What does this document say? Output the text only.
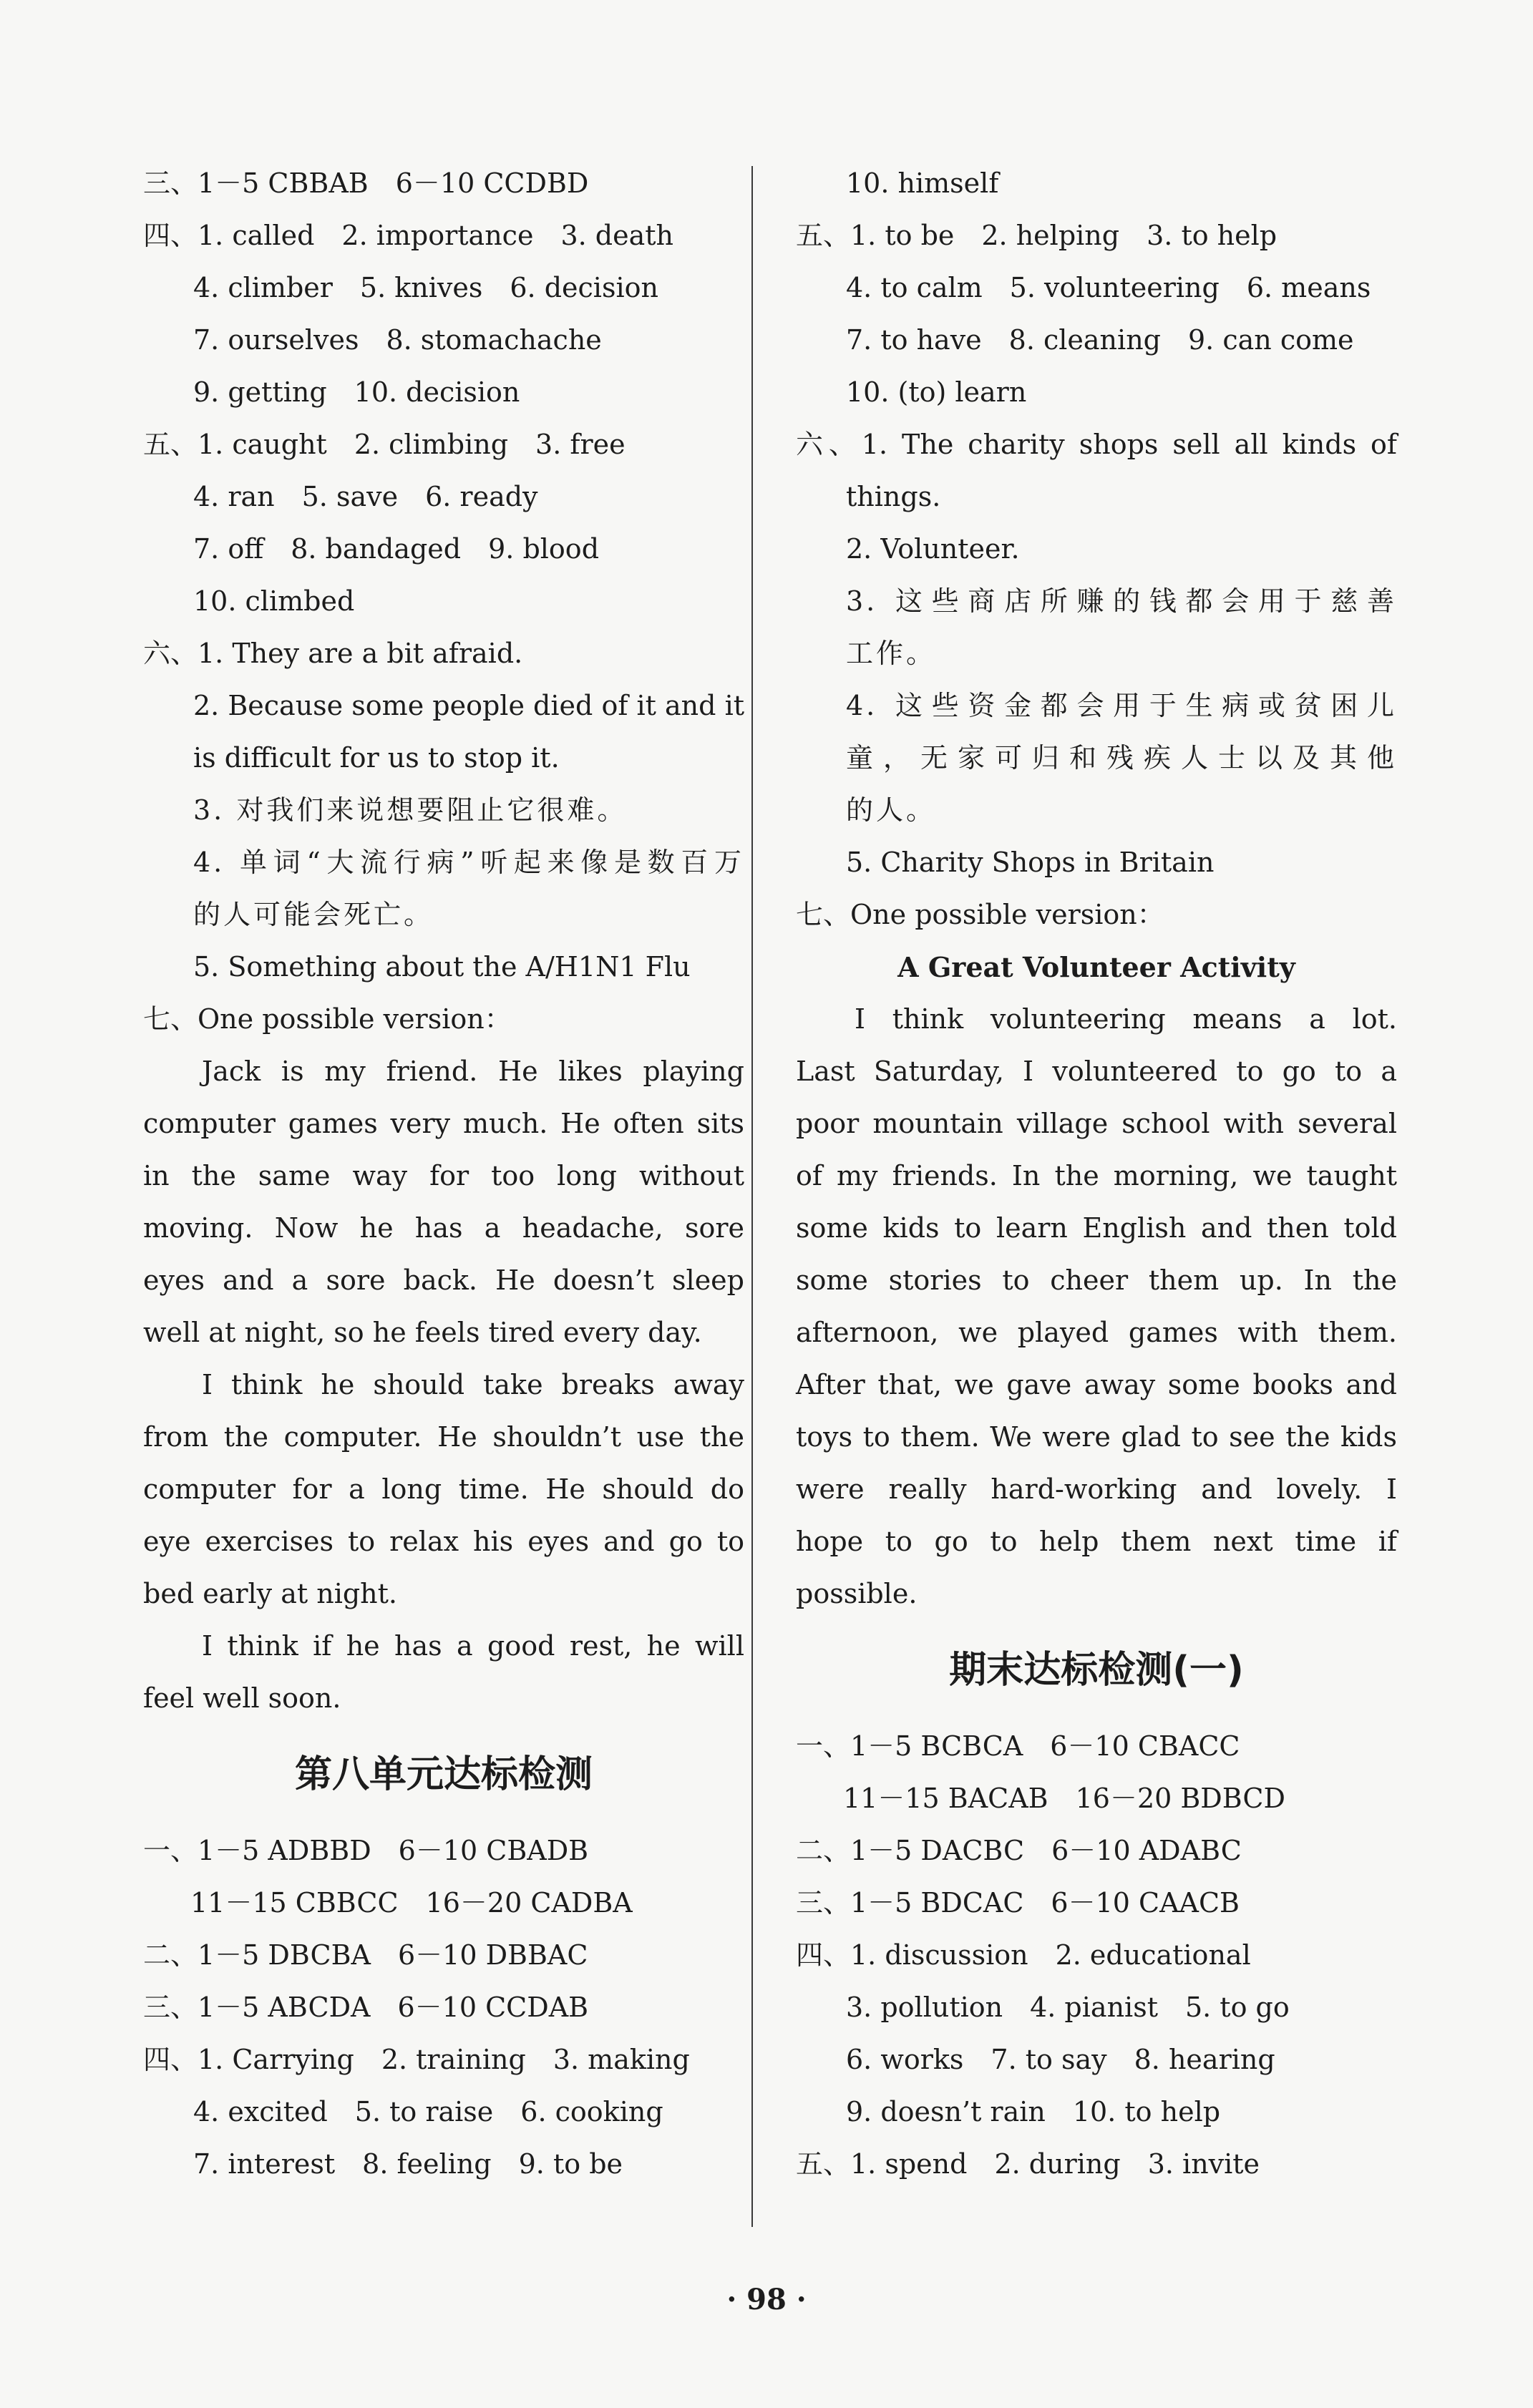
三、1－5 CBBAB　6－10 CCDBD
四、1. called　2. importance　3. death
4. climber　5. knives　6. decision
7. ourselves　8. stomachache
9. getting　10. decision
五、1. caught　2. climbing　3. free
4. ran　5. save　6. ready
7. off　8. bandaged　9. blood
10. climbed
六、1. They are a bit afraid.
2. Because some people died of it and it
is difficult for us to stop it.
3. 对我们来说想要阻止它很难。
4. 单词“大流行病”听起来像是数百万
的人可能会死亡。
5. Something about the A/H1N1 Flu
七、One possible version：
Jack is my friend. He likes playing
computer games very much. He often sits
in the same way for too long without
moving. Now he has a headache, sore
eyes and a sore back. He doesn’t sleep
well at night, so he feels tired every day.
I think he should take breaks away
from the computer. He shouldn’t use the
computer for a long time. He should do
eye exercises to relax his eyes and go to
bed early at night.
I think if he has a good rest, he will
feel well soon.
第八单元达标检测
一、1－5 ADBBD　6－10 CBADB
11－15 CBBCC　16－20 CADBA
二、1－5 DBCBA　6－10 DBBAC
三、1－5 ABCDA　6－10 CCDAB
四、1. Carrying　2. training　3. making
4. excited　5. to raise　6. cooking
7. interest　8. feeling　9. to be
10. himself
五、1. to be　2. helping　3. to help
4. to calm　5. volunteering　6. means
7. to have　8. cleaning　9. can come
10. (to) learn
六、1. The charity shops sell all kinds of
things.
2. Volunteer.
3. 这些商店所赚的钱都会用于慈善
工作。
4. 这些资金都会用于生病或贫困儿
童，无家可归和残疾人士以及其他
的人。
5. Charity Shops in Britain
七、One possible version：
A Great Volunteer Activity
I think volunteering means a lot.
Last Saturday, I volunteered to go to a
poor mountain village school with several
of my friends. In the morning, we taught
some kids to learn English and then told
some stories to cheer them up. In the
afternoon, we played games with them.
After that, we gave away some books and
toys to them. We were glad to see the kids
were really hard-working and lovely. I
hope to go to help them next time if
possible.
期末达标检测(一)
一、1－5 BCBCA　6－10 CBACC
11－15 BACAB　16－20 BDBCD
二、1－5 DACBC　6－10 ADABC
三、1－5 BDCAC　6－10 CAACB
四、1. discussion　2. educational
3. pollution　4. pianist　5. to go
6. works　7. to say　8. hearing
9. doesn’t rain　10. to help
五、1. spend　2. during　3. invite
· 98 ·
